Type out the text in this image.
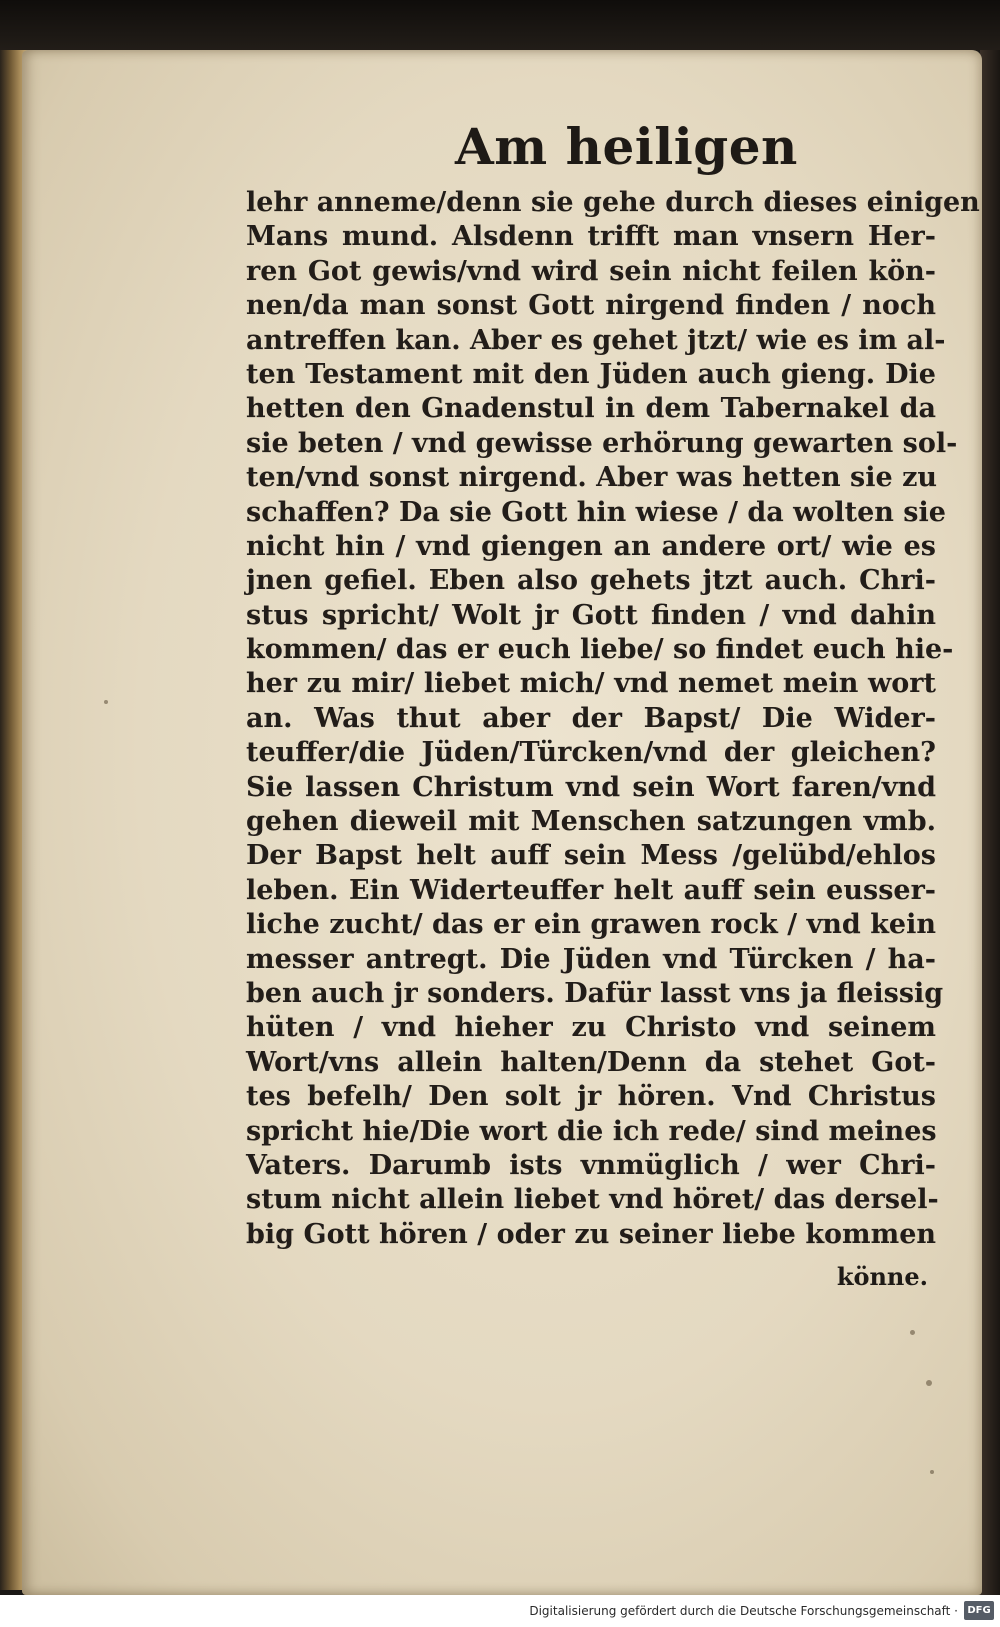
Am heiligen
lehr anneme/denn sie gehe durch dieses einigen
Mans mund. Alsdenn trifft man vnsern Her-
ren Got gewis/vnd wird sein nicht feilen kön-
nen/da man sonst Gott nirgend finden / noch
antreffen kan. Aber es gehet jtzt/ wie es im al-
ten Testament mit den Jüden auch gieng. Die
hetten den Gnadenstul in dem Tabernakel da
sie beten / vnd gewisse erhörung gewarten sol-
ten/vnd sonst nirgend. Aber was hetten sie zu
schaffen? Da sie Gott hin wiese / da wolten sie
nicht hin / vnd giengen an andere ort/ wie es
jnen gefiel. Eben also gehets jtzt auch. Chri-
stus spricht/ Wolt jr Gott finden / vnd dahin
kommen/ das er euch liebe/ so findet euch hie-
her zu mir/ liebet mich/ vnd nemet mein wort
an. Was thut aber der Bapst/ Die Wider-
teuffer/die Jüden/Türcken/vnd der gleichen?
Sie lassen Christum vnd sein Wort faren/vnd
gehen dieweil mit Menschen satzungen vmb.
Der Bapst helt auff sein Mess /gelübd/ehlos
leben. Ein Widerteuffer helt auff sein eusser-
liche zucht/ das er ein grawen rock / vnd kein
messer antregt. Die Jüden vnd Türcken / ha-
ben auch jr sonders. Dafür lasst vns ja fleissig
hüten / vnd hieher zu Christo vnd seinem
Wort/vns allein halten/Denn da stehet Got-
tes befelh/ Den solt jr hören. Vnd Christus
spricht hie/Die wort die ich rede/ sind meines
Vaters. Darumb ists vnmüglich / wer Chri-
stum nicht allein liebet vnd höret/ das dersel-
big Gott hören / oder zu seiner liebe kommen
könne.
Digitalisierung gefördert durch die Deutsche Forschungsgemeinschaft · DFG
